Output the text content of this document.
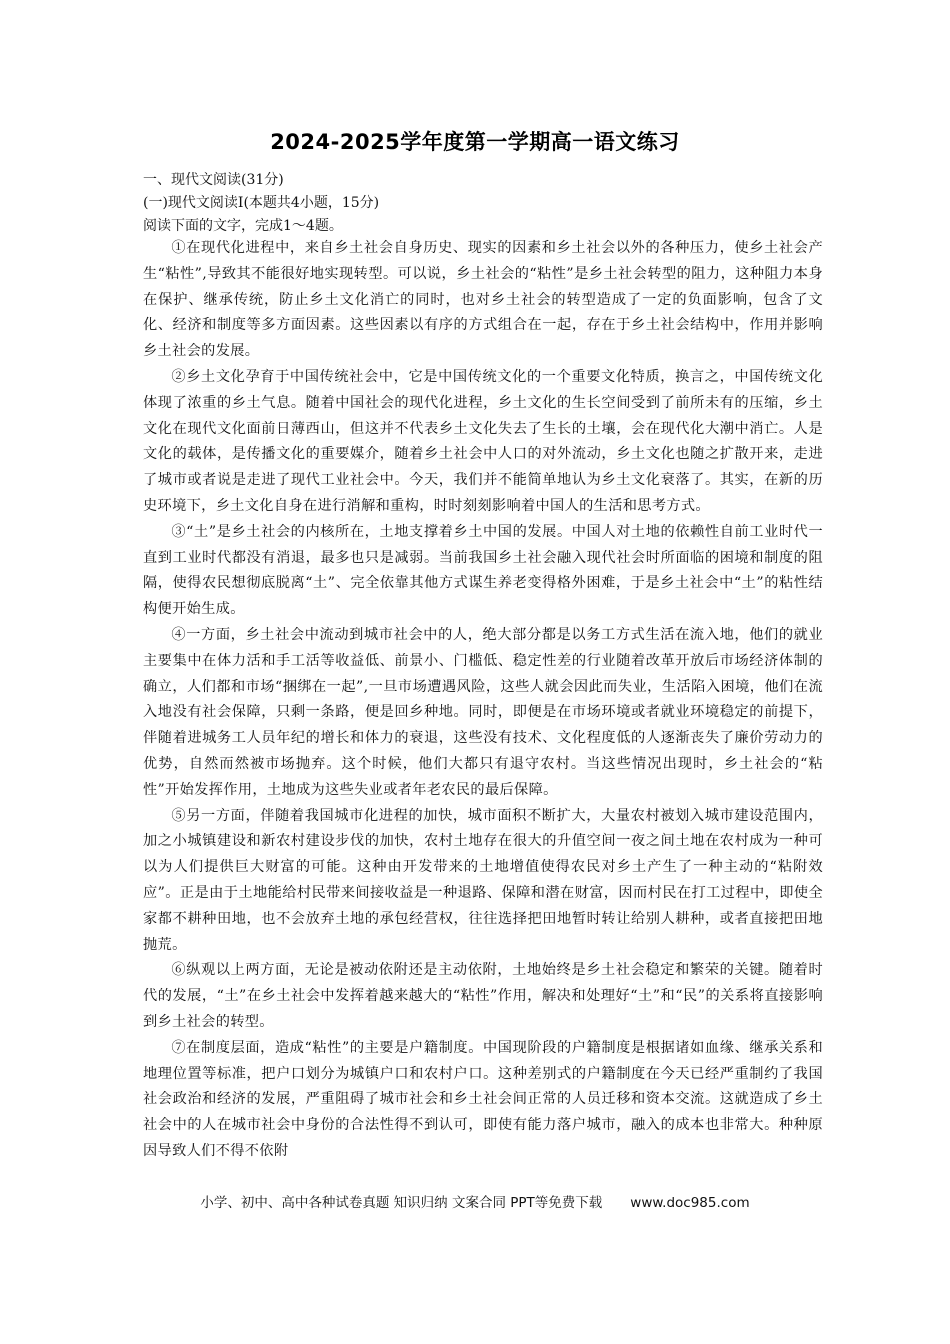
2024-2025学年度第一学期高一语文练习
一、现代文阅读(31分)
(一)现代文阅读Ⅰ(本题共4小题，15分)
阅读下面的文字，完成1～4题。

①在现代化进程中，来自乡土社会自身历史、现实的因素和乡土社会以外的各种压力，使乡土社会产生“粘性”,导致其不能很好地实现转型。可以说，乡土社会的“粘性”是乡土社会转型的阻力，这种阻力本身在保护、继承传统，防止乡土文化消亡的同时，也对乡土社会的转型造成了一定的负面影响，包含了文化、经济和制度等多方面因素。这些因素以有序的方式组合在一起，存在于乡土社会结构中，作用并影响乡土社会的发展。

②乡土文化孕育于中国传统社会中，它是中国传统文化的一个重要文化特质，换言之，中国传统文化体现了浓重的乡土气息。随着中国社会的现代化进程，乡土文化的生长空间受到了前所未有的压缩，乡土文化在现代文化面前日薄西山，但这并不代表乡土文化失去了生长的土壤，会在现代化大潮中消亡。人是文化的载体，是传播文化的重要媒介，随着乡土社会中人口的对外流动，乡土文化也随之扩散开来，走进了城市或者说是走进了现代工业社会中。今天，我们并不能简单地认为乡土文化衰落了。其实，在新的历史环境下，乡土文化自身在进行消解和重构，时时刻刻影响着中国人的生活和思考方式。

③“土”是乡土社会的内核所在，土地支撑着乡土中国的发展。中国人对土地的依赖性自前工业时代一直到工业时代都没有消退，最多也只是减弱。当前我国乡土社会融入现代社会时所面临的困境和制度的阻隔，使得农民想彻底脱离“土”、完全依靠其他方式谋生养老变得格外困难，于是乡土社会中“土”的粘性结构便开始生成。

④一方面，乡土社会中流动到城市社会中的人，绝大部分都是以务工方式生活在流入地，他们的就业主要集中在体力活和手工活等收益低、前景小、门槛低、稳定性差的行业随着改革开放后市场经济体制的确立，人们都和市场“捆绑在一起”,一旦市场遭遇风险，这些人就会因此而失业，生活陷入困境，他们在流入地没有社会保障，只剩一条路，便是回乡种地。同时，即便是在市场环境或者就业环境稳定的前提下，伴随着进城务工人员年纪的增长和体力的衰退，这些没有技术、文化程度低的人逐渐丧失了廉价劳动力的优势，自然而然被市场抛弃。这个时候，他们大都只有退守农村。当这些情况出现时，乡土社会的“粘性”开始发挥作用，土地成为这些失业或者年老农民的最后保障。

⑤另一方面，伴随着我国城市化进程的加快，城市面积不断扩大，大量农村被划入城市建设范围内，加之小城镇建设和新农村建设步伐的加快，农村土地存在很大的升值空间一夜之间土地在农村成为一种可以为人们提供巨大财富的可能。这种由开发带来的土地增值使得农民对乡土产生了一种主动的“粘附效应”。正是由于土地能给村民带来间接收益是一种退路、保障和潜在财富，因而村民在打工过程中，即使全家都不耕种田地，也不会放弃土地的承包经营权，往往选择把田地暂时转让给别人耕种，或者直接把田地抛荒。

⑥纵观以上两方面，无论是被动依附还是主动依附，土地始终是乡土社会稳定和繁荣的关键。随着时代的发展，“土”在乡土社会中发挥着越来越大的“粘性”作用，解决和处理好“土”和“民”的关系将直接影响到乡土社会的转型。

⑦在制度层面，造成“粘性”的主要是户籍制度。中国现阶段的户籍制度是根据诸如血缘、继承关系和地理位置等标准，把户口划分为城镇户口和农村户口。这种差别式的户籍制度在今天已经严重制约了我国社会政治和经济的发展，严重阻碍了城市社会和乡土社会间正常的人员迁移和资本交流。这就造成了乡土社会中的人在城市社会中身份的合法性得不到认可，即使有能力落户城市，融入的成本也非常大。种种原因导致人们不得不依附

小学、初中、高中各种试卷真题 知识归纳 文案合同 PPT等免费下载 www.doc985.com
